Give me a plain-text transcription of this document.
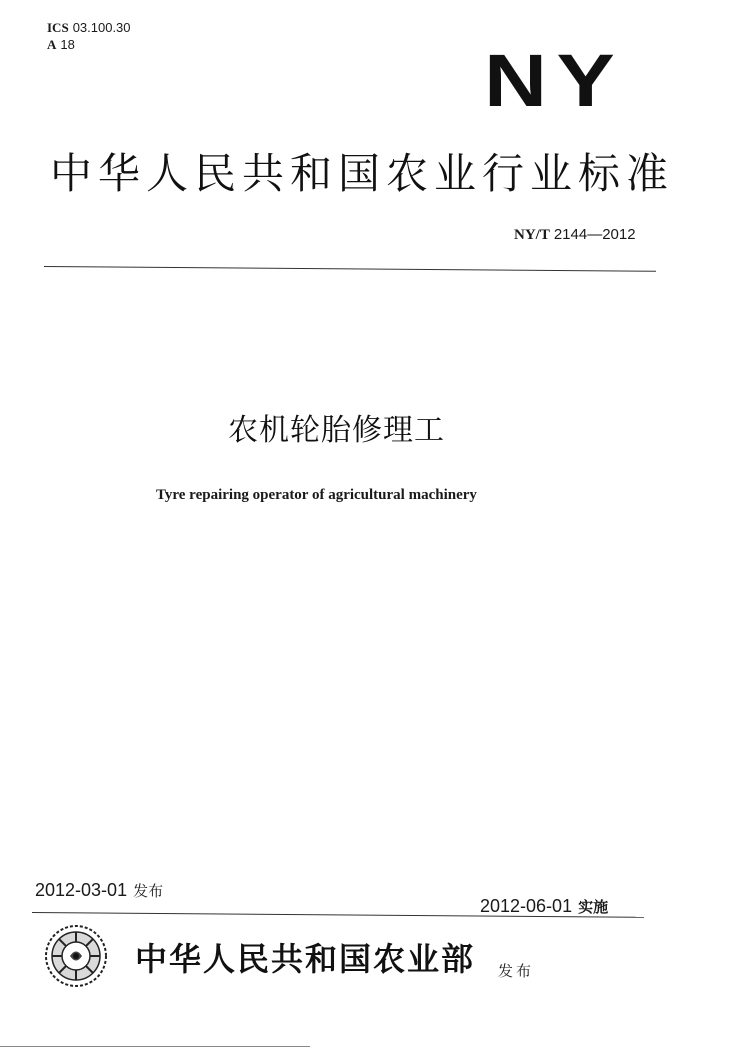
ICS 03.100.30
A 18	NY
中华人民共和国农业行业标准
NY/T 2144—2012
农机轮胎修理工
Tyre repairing operator of agricultural machinery
2012-03-01 发布
2012-06-01 实施
中华人民共和国农业部 发布
